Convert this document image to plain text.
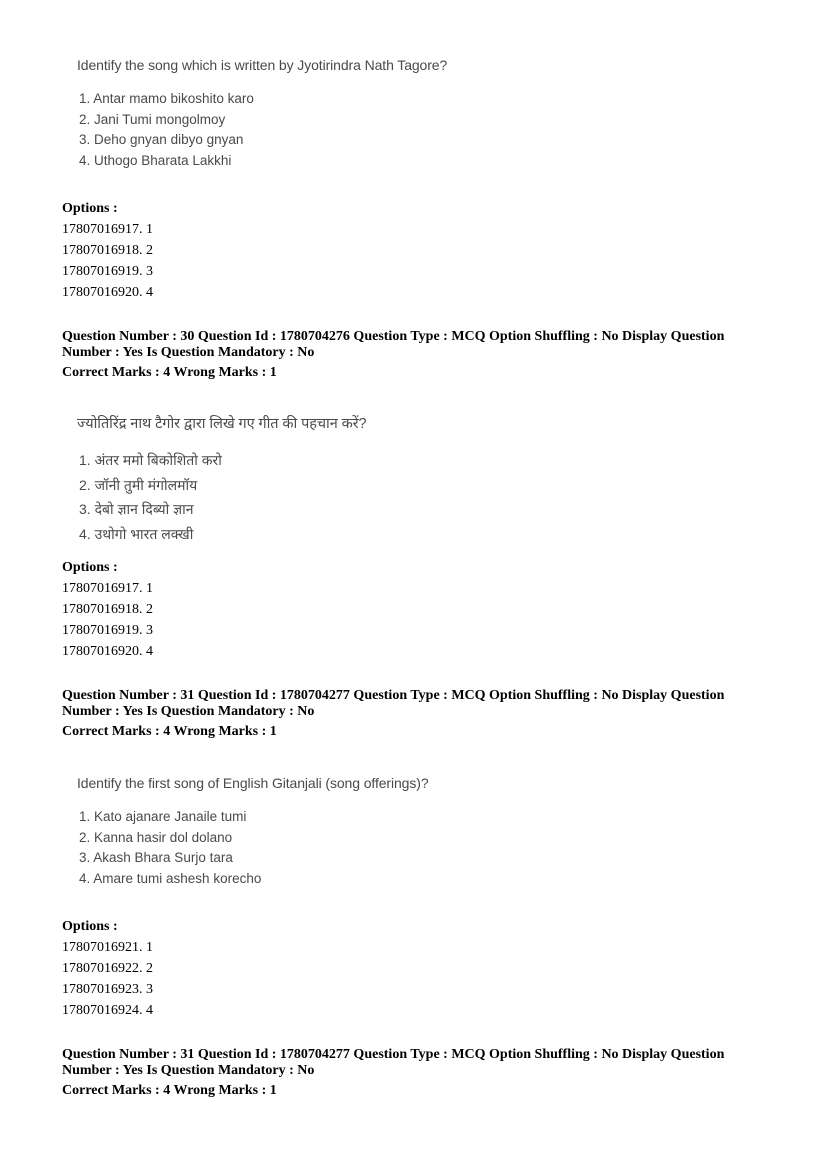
Identify the song which is written by Jyotirindra Nath Tagore?

1. Antar mamo bikoshito karo
2. Jani Tumi mongolmoy
3. Deho gnyan dibyo gnyan
4. Uthogo Bharata Lakkhi
Options :
17807016917. 1
17807016918. 2
17807016919. 3
17807016920. 4
Question Number : 30 Question Id : 1780704276 Question Type : MCQ Option Shuffling : No Display Question Number : Yes Is Question Mandatory : No
Correct Marks : 4 Wrong Marks : 1

ज्योतिरिंद्र नाथ टैगोर द्वारा लिखे गए गीत की पहचान करें?

1. अंतर ममो बिकोशितो करो
2. जॉनी तुमी मंगोलमॉय
3. देबो ज्ञान दिब्यो ज्ञान
4. उथोगो भारत लक्खी
Options :
17807016917. 1
17807016918. 2
17807016919. 3
17807016920. 4
Question Number : 31 Question Id : 1780704277 Question Type : MCQ Option Shuffling : No Display Question Number : Yes Is Question Mandatory : No
Correct Marks : 4 Wrong Marks : 1

Identify the first song of English Gitanjali (song offerings)?

1. Kato ajanare Janaile tumi
2. Kanna hasir dol dolano
3. Akash Bhara Surjo tara
4. Amare tumi ashesh korecho
Options :
17807016921. 1
17807016922. 2
17807016923. 3
17807016924. 4
Question Number : 31 Question Id : 1780704277 Question Type : MCQ Option Shuffling : No Display Question Number : Yes Is Question Mandatory : No
Correct Marks : 4 Wrong Marks : 1
